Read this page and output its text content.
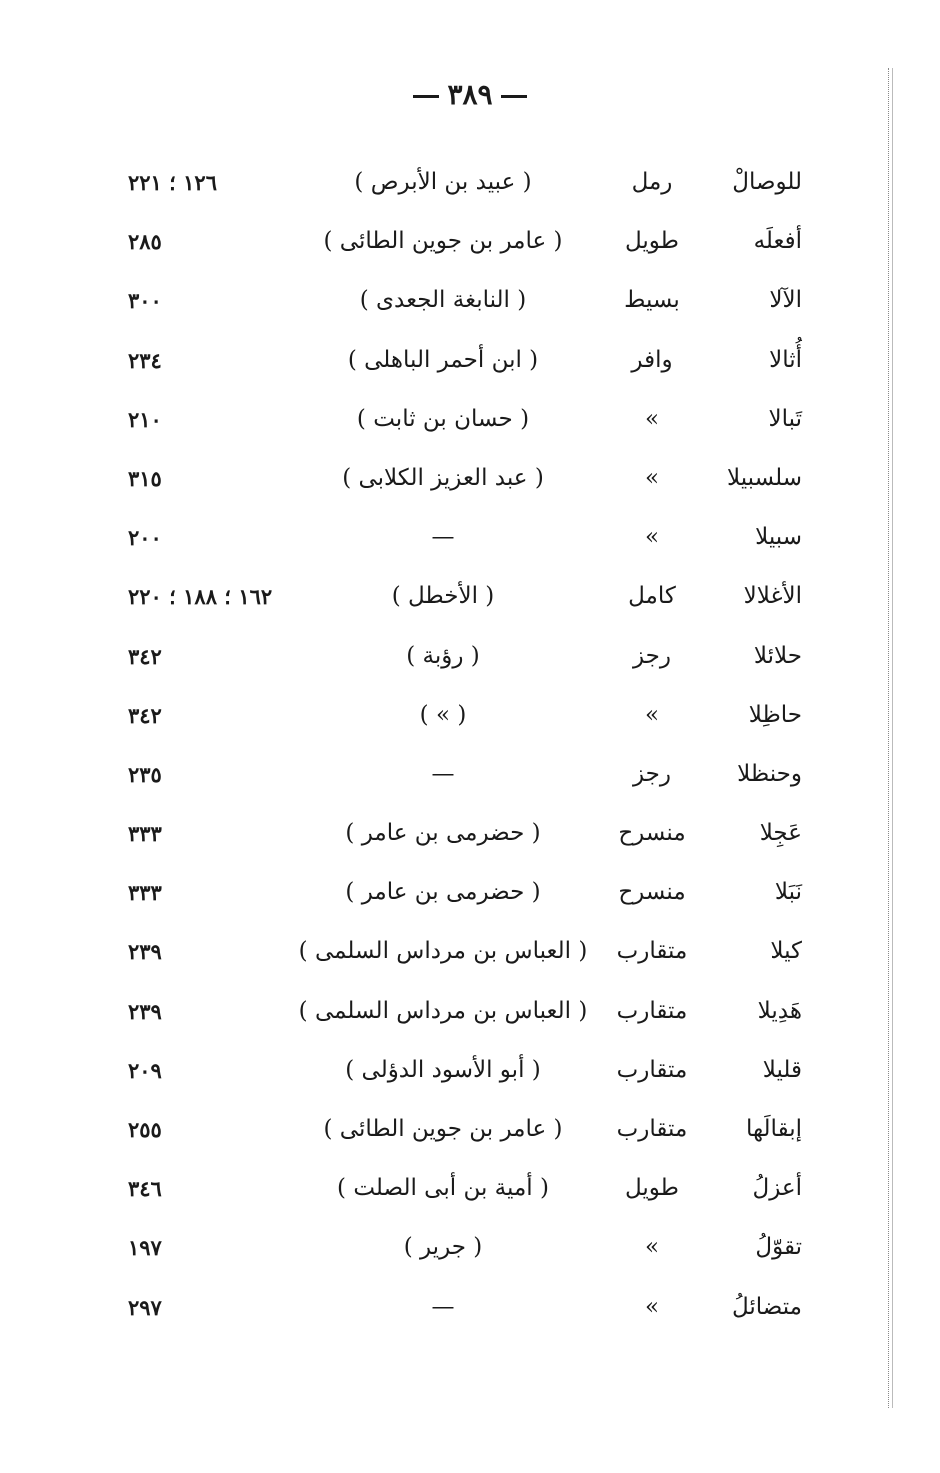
٣٨٩
للوصالْ
رمل
( عبيد بن الأبرص )
١٢٦ ؛ ٢٢١
أفعلَه
طويل
( عامر بن جوين الطائى )
٢٨٥
الآلا
بسيط
( النابغة الجعدى )
٣٠٠
أُثالا
وافر
( ابن أحمر الباهلى )
٢٣٤
تَبالا
»
( حسان بن ثابت )
٢١٠
سلسبيلا
»
( عبد العزيز الكلابى )
٣١٥
سبيلا
»
—
٢٠٠
الأغلالا
كامل
( الأخطل )
١٦٢ ؛ ١٨٨ ؛ ٢٢٠
حلائلا
رجز
( رؤبة )
٣٤٢
حاظِلا
»
( » )
٣٤٢
وحنظلا
رجز
—
٢٣٥
عَجِلا
منسرح
( حضرمى بن عامر )
٣٣٣
نَبَلا
منسرح
( حضرمى بن عامر )
٣٣٣
كيلا
متقارب
( العباس بن مرداس السلمى )
٢٣٩
هَدِيلا
متقارب
( العباس بن مرداس السلمى )
٢٣٩
قليلا
متقارب
( أبو الأسود الدؤلى )
٢٠٩
إبقالَها
متقارب
( عامر بن جوين الطائى )
٢٥٥
أعزلُ
طويل
( أمية بن أبى الصلت )
٣٤٦
تقوّلُ
»
( جرير )
١٩٧
متضائلُ
»
—
٢٩٧
